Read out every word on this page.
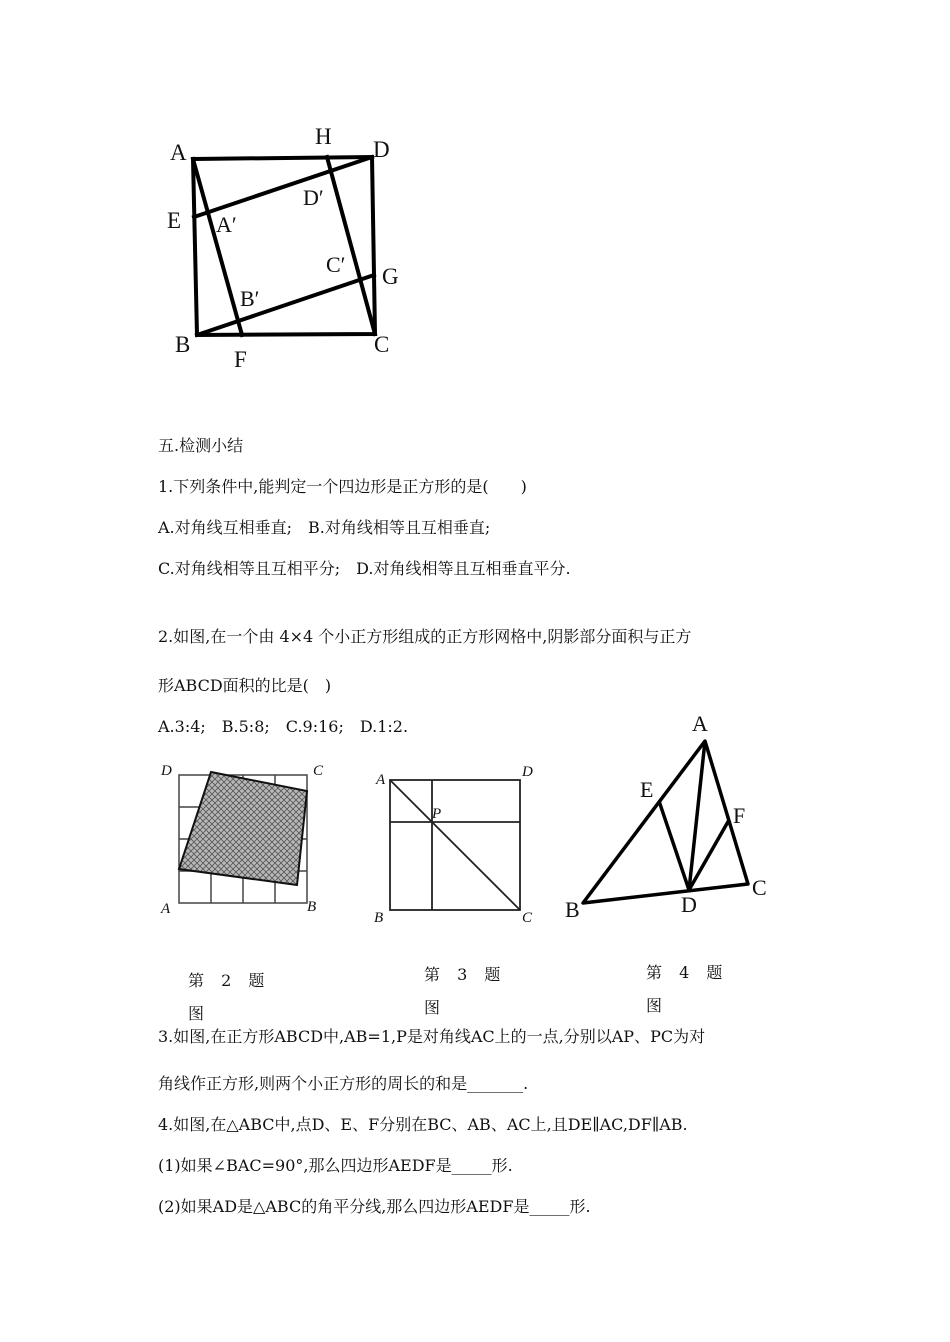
A
H
D
E A′
D′
C′ G
B′
B
F
C
五.检测小结
1.下列条件中,能判定一个四边形是正方形的是(　　)
A.对角线互相垂直;　B.对角线相等且互相垂直;
C.对角线相等且互相平分;　D.对角线相等且互相垂直平分.
2.如图,在一个由 4×4 个小正方形组成的正方形网格中,阴影部分面积与正方
形ABCD面积的比是(　)
A.3:4;　B.5:8;　C.9:16;　D.1:2.
D	C
A	B
A	D
P
B	C
A
E
F
B	D
C
第 2 题
图
第 3 题
图
第 4 题
图
3.如图,在正方形ABCD中,AB=1,P是对角线AC上的一点,分别以AP、PC为对
角线作正方形,则两个小正方形的周长的和是_______.
4.如图,在△ABC中,点D、E、F分别在BC、AB、AC上,且DE∥AC,DF∥AB.
(1)如果∠BAC=90°,那么四边形AEDF是_____形.
(2)如果AD是△ABC的角平分线,那么四边形AEDF是_____形.
